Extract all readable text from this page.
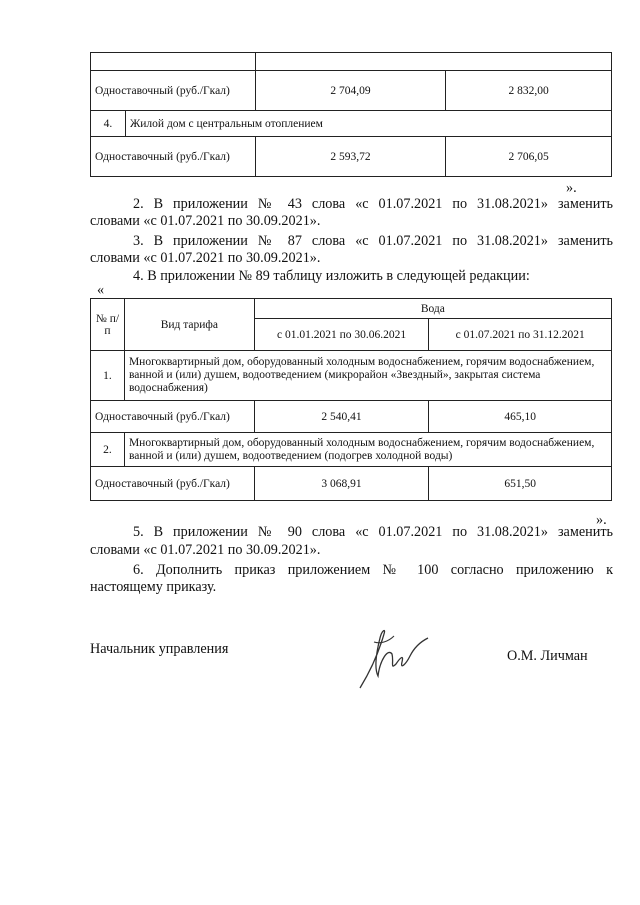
Одноставочный (руб./Гкал)		2 704,09	2 832,00
4.	Жилой дом с центральным отоплением		
Одноставочный (руб./Гкал)		2 593,72	2 706,05
».
2. В приложении № 43 слова «с 01.07.2021 по 31.08.2021» заменить
словами «с 01.07.2021 по 30.09.2021».
3. В приложении № 87 слова «с 01.07.2021 по 31.08.2021» заменить
словами «с 01.07.2021 по 30.09.2021».
4. В приложении № 89 таблицу изложить в следующей редакции:
«
№ п/п	Вид тарифа	Вода	
		с 01.01.2021 по 30.06.2021	с 01.07.2021 по 31.12.2021
1.	Многоквартирный дом, оборудованный холодным водоснабжением, горячим водоснабжением, ванной и (или) душем, водоотведением (микрорайон «Звездный», закрытая система водоснабжения)		
Одноставочный (руб./Гкал)		2 540,41	465,10
2.	Многоквартирный дом, оборудованный холодным водоснабжением, горячим водоснабжением, ванной и (или) душем, водоотведением (подогрев холодной воды)		
Одноставочный (руб./Гкал)		3 068,91	651,50
».
5. В приложении № 90 слова «с 01.07.2021 по 31.08.2021» заменить
словами «с 01.07.2021 по 30.09.2021».
6. Дополнить приказ приложением № 100 согласно приложению к
настоящему приказу.
Начальник управления	О.М. Личман
